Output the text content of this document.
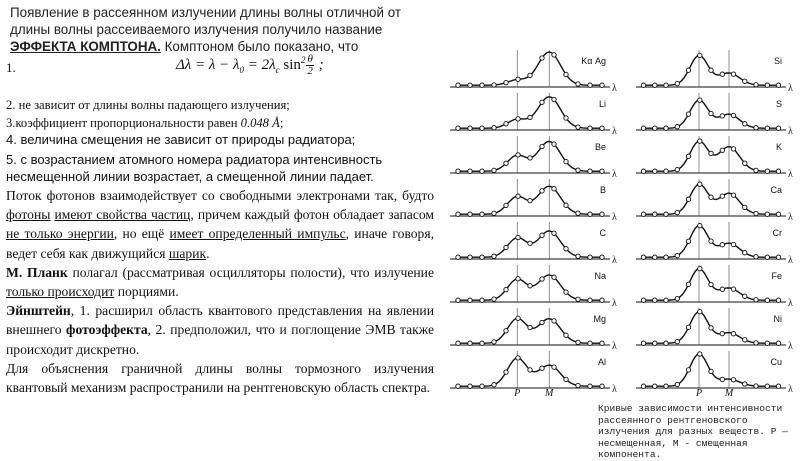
Появление в рассеянном излучении длины волны отличной от длины волны рассеиваемого излучения получило название ЭФФЕКТА КОМПТОНА. Комптоном было показано, что
1.	$\Delta\lambda = \lambda - \lambda_0 = 2\lambda_c$ $\sin^2 \frac{\theta}{2}$ ;
2. не зависит от длины волны падающего излучения;
3.коэффициент пропорциональности равен 0.048 Å;
4. величина смещения не зависит от природы радиатора;
5. с возрастанием атомного номера радиатора интенсивность несмещенной линии возрастает, а смещенной линии падает.

Поток фотонов взаимодействует со свободными электронами так, будто фотоны имеют свойства частиц, причем каждый фотон обладает запасом не только энергии, но ещё имеет определенный импульс, иначе говоря, ведет себя как движущийся шарик.

М. Планк полагал (рассматривая осцилляторы полости), что излучение только происходит порциями.

Эйнштейн, 1. расширил область квантового представления на явлении внешнего фотоэффекта, 2. предположил, что и поглощение ЭМВ также происходит дискретно.

Для объяснения граничной длины волны тормозного излучения квантовый механизм распространили на рентгеновскую область спектра.

Kα Ag
λ
Li
λ
Be
λ
B
λ
C
λ
Na
λ
Mg
λ
Al
λ
P M
Si
λ
S
λ
K
λ
Ca
λ
Cr
λ
Fe
λ
Ni
λ
Cu
λ
P M
Кривые зависимости интенсивности рассеянного рентгеновского излучения для разных веществ. P — несмещенная, M - смещенная компонента.
